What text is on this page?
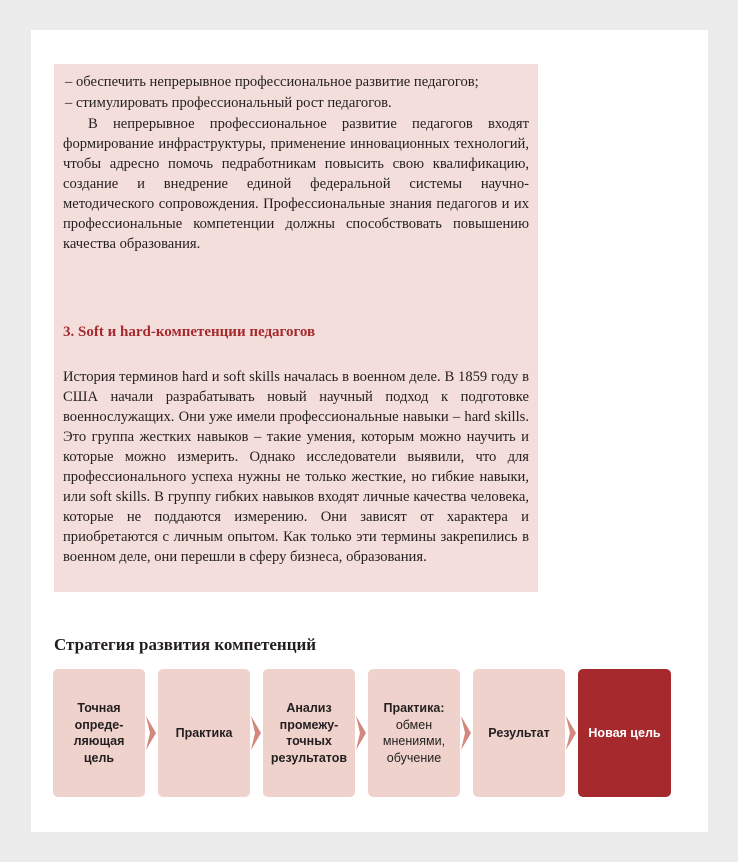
– обеспечить непрерывное профессиональное развитие педагогов;
– стимулировать профессиональный рост педагогов.

В непрерывное профессиональное развитие педагогов входят формирование инфраструктуры, применение инновационных технологий, чтобы адресно помочь педработникам повысить свою квалификацию, создание и внедрение единой федеральной системы научно-методического сопровождения. Профессиональные знания педагогов и их профессиональные компетенции должны способствовать повышению качества образования.

3. Soft и hard-компетенции педагогов

История терминов hard и soft skills началась в военном деле. В 1859 году в США начали разрабатывать новый научный подход к подготовке военнослужащих. Они уже имели профессиональные навыки – hard skills. Это группа жестких навыков – такие умения, которым можно научить и которые можно измерить. Однако исследователи выявили, что для профессионального успеха нужны не только жесткие, но гибкие навыки, или soft skills. В группу гибких навыков входят личные качества человека, которые не поддаются измерению. Они зависят от характера и приобретаются с личным опытом. Как только эти термины закрепились в военном деле, они перешли в сферу бизнеса, образования.

Стратегия развития компетенций
Точная опреде- ляющая цель
Практика
Анализ промежу- точных результатов
Практика:
обмен мнениями, обучение
Результат	Новая цель
